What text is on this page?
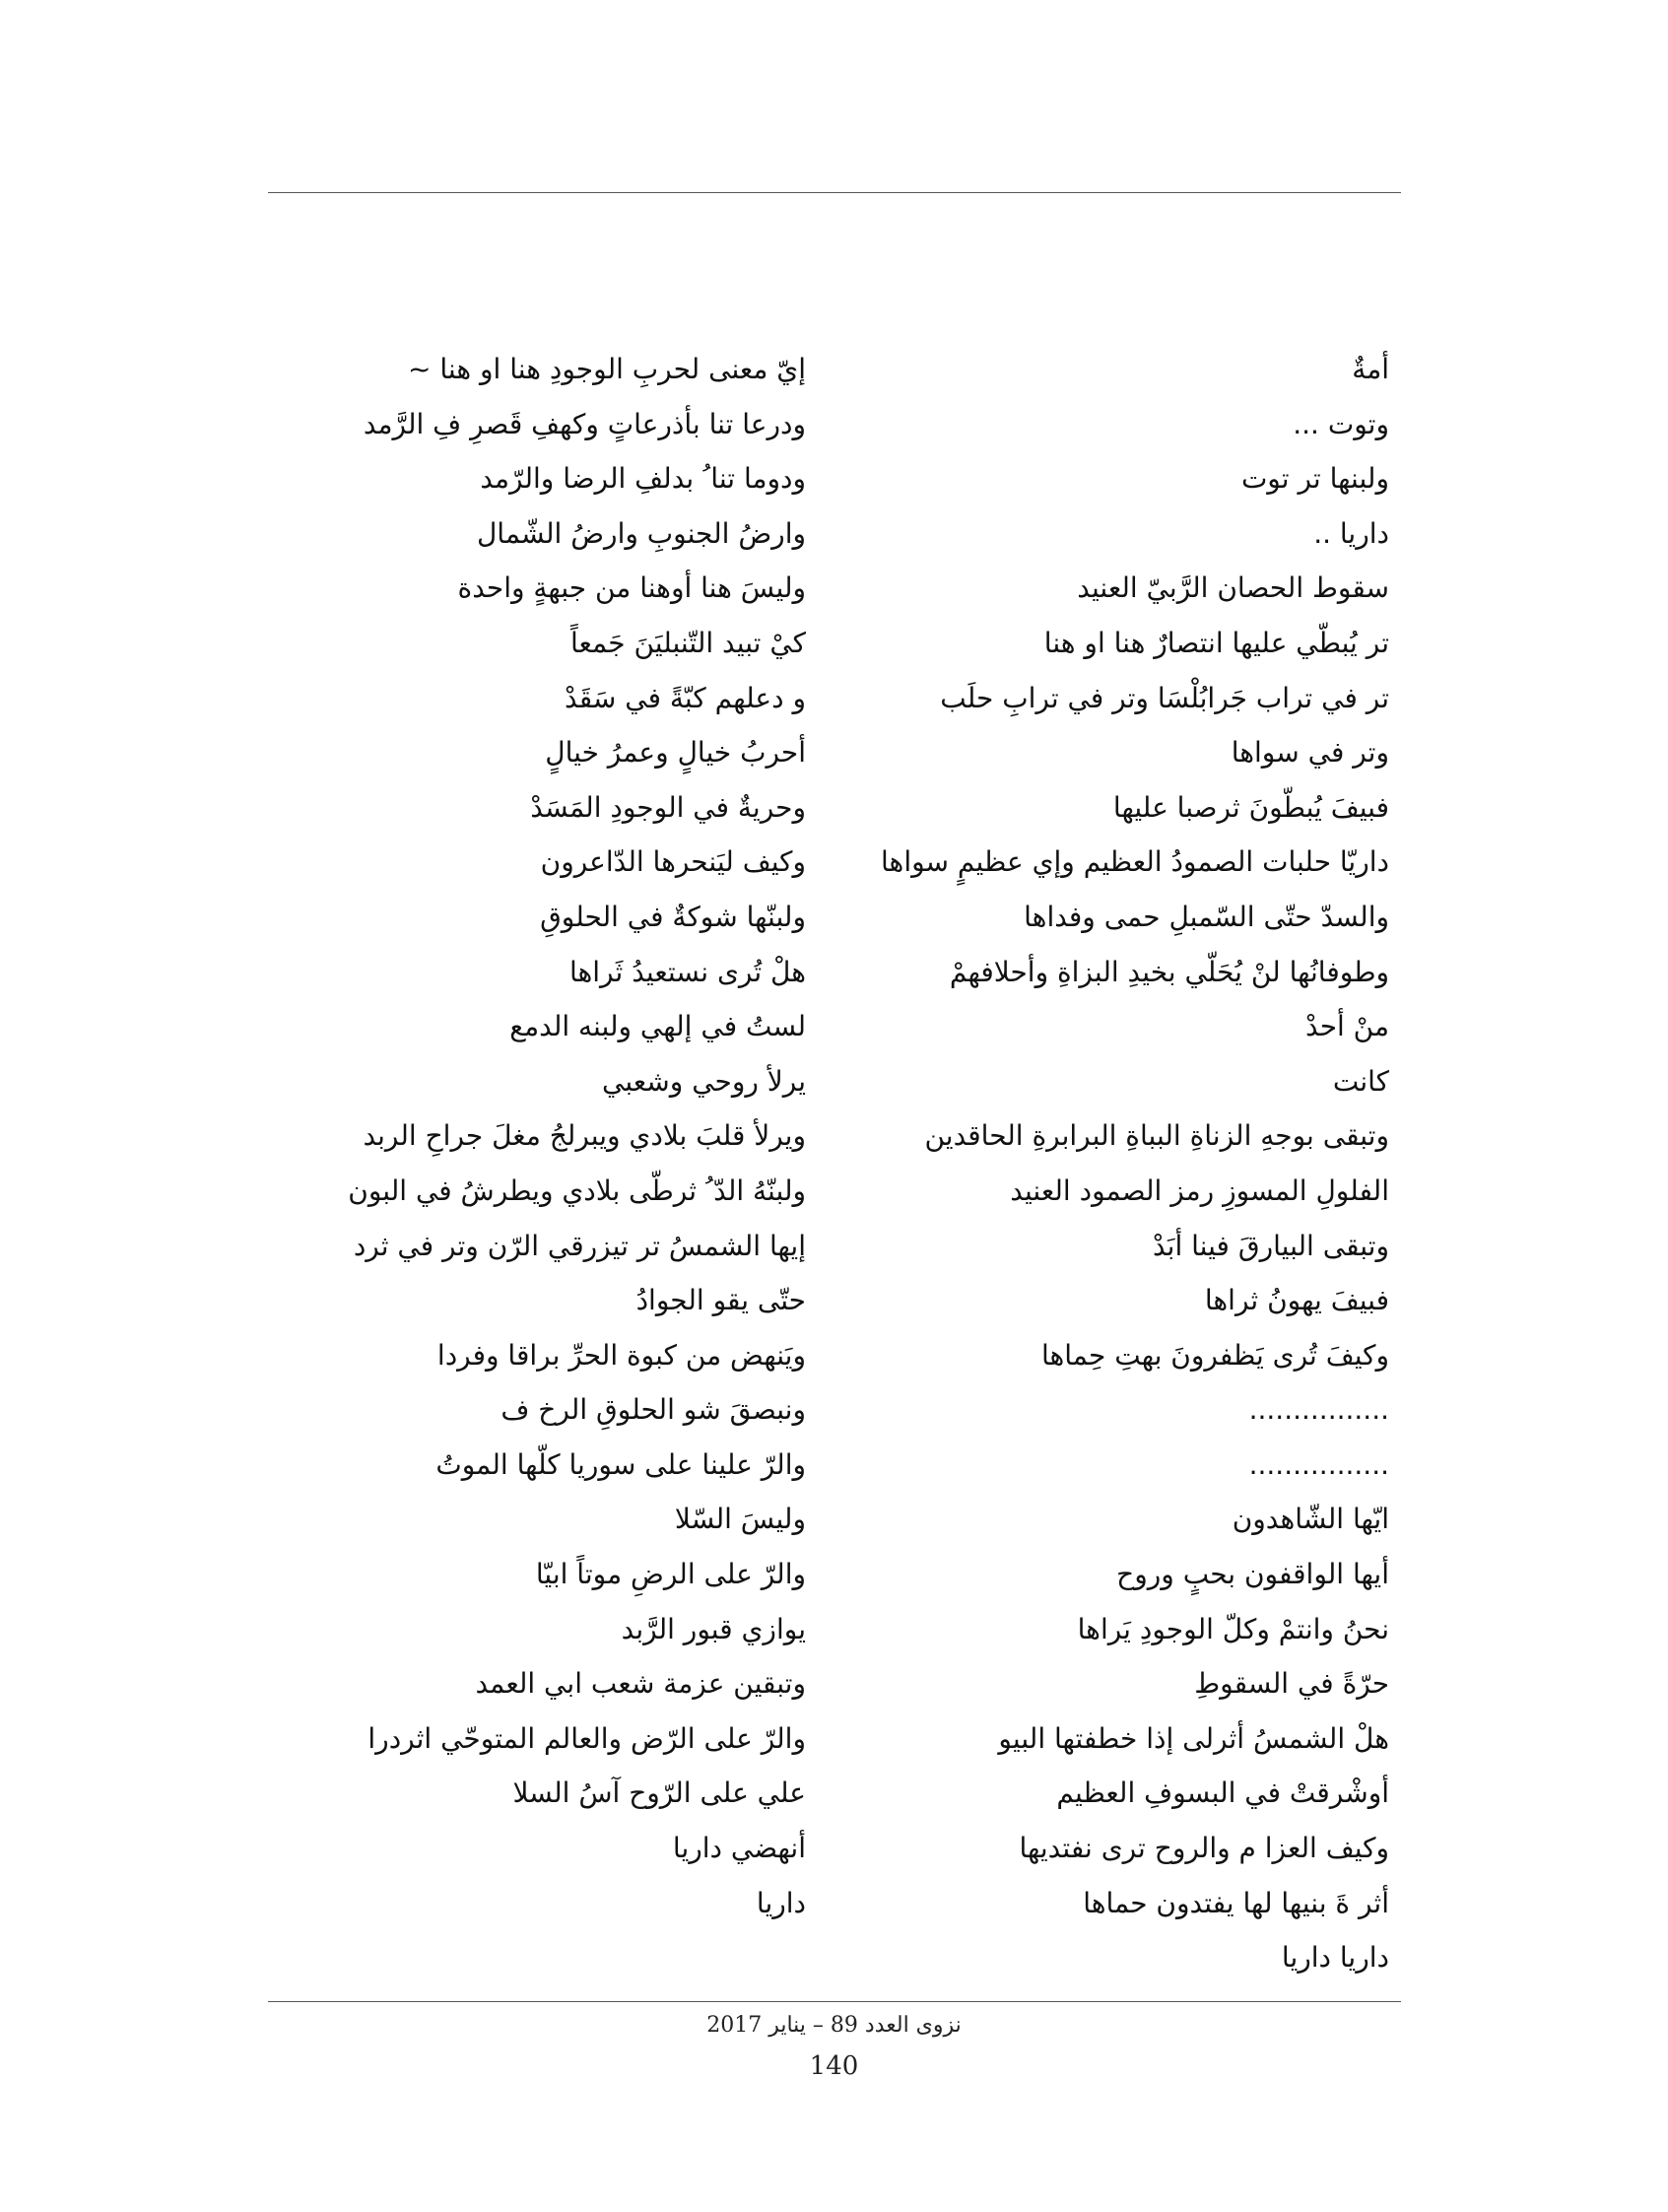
أمةٌ
وتوت ...
ولبنها تر توت
داريا ..
سقوط الحصان الرَّبيّ العنيد
تر يُبطّي عليها انتصارٌ هنا او هنا
تر في تراب جَرابُلْسَا وتر في ترابِ حلَب
وتر في سواها
فبيفَ يُبطّونَ ثرصبا عليها
داريّا حلبات الصمودُ العظيم وإي عظيمٍ سواها
والسدّ حتّى السّمبلِ حمى وفداها
وطوفانُها لنْ يُحَلّي بخيدِ البزاةِ وأحلافهمْ
منْ أحدْ
كانت
وتبقى بوجهِ الزناةِ البباةِ البرابرةِ الحاقدين
الفلولِ المسوزِ رمز الصمود العنيد
وتبقى البيارقَ فينا أبَدْ
فبيفَ يهونُ ثراها
وكيفَ تُرى يَظفرونَ بهتِ حِماها
................
................
ايّها الشّاهدون
أيها الواقفون بحبٍ وروح
نحنُ وانتمْ وكلّ الوجودِ يَراها
حرّةً في السقوطِ
هلْ الشمسُ أثرلى إذا خطفتها البيو
أوشْرقتْ في البسوفِ العظيم
وكيف العزا م والروح ترى نفتديها
أثر ةَ بنيها لها يفتدون حماها
داريا داريا
إيّ معنى لحربِ الوجودِ هنا او هنا ~
ودرعا تنا بأذرعاتٍ وكهفِ قَصرِ فِ الرَّمد
ودوما تنا ُ بدلفِ الرضا والرّمد
وارضُ الجنوبِ وارضُ الشّمال
وليسَ هنا أوهنا من جبهةٍ واحدة
كيْ تبيد التّنبليَنَ جَمعاً
و دعلهم كبّةً في سَقَدْ
أحربُ خيالٍ وعمرُ خيالٍ
وحريةٌ في الوجودِ المَسَدْ
وكيف ليَنحرها الدّاعرون
ولبنّها شوكةٌ في الحلوقِ
هلْ تُرى نستعيدُ ثَراها
لستُ في إلهي ولبنه الدمع
يرلأ روحي وشعبي
ويرلأ قلبَ بلادي ويبرلجُ مغلَ جراحِ الربد
ولبنّهُ الدّ ُ ثرطّى بلادي ويطرشُ في البون
إيها الشمسُ تر تيزرقي الرّن وتر في ثرد
حتّى يقو الجوادُ
ويَنهض من كبوة الحرِّ براقا وفردا
ونبصقَ شو الحلوقِ الرخ ف
والرّ علينا على سوريا كلّها الموتُ
وليسَ السّلا
والرّ على الرضِ موتاً ابيّا
يوازي قبور الرَّبد
وتبقين عزمة شعب ابي العمد
والرّ على الرّض والعالم المتوحّي اثردرا
علي على الرّوح آسُ السلا
أنهضي داريا
داريا
نزوى العدد 89 – يناير 2017
140
